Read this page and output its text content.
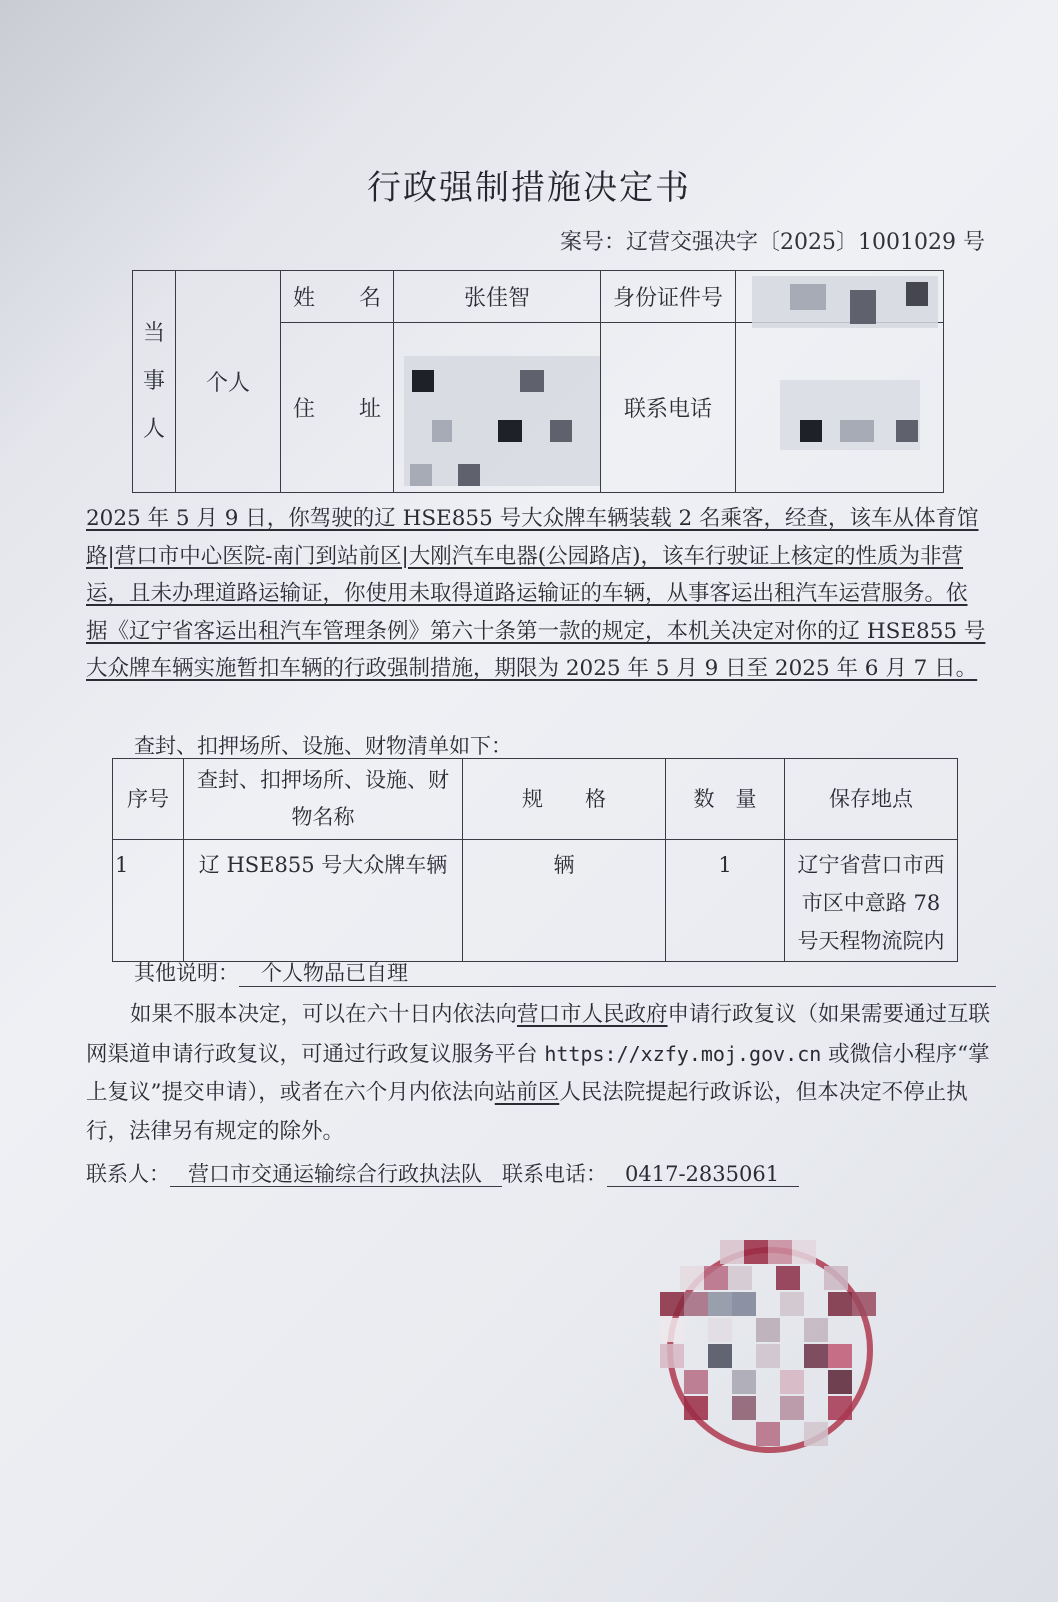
行政强制措施决定书
案号：辽营交强决字〔2025〕1001029 号
当事人	个人	姓　　名	张佳智	身份证件号	
		住　　址		联系电话	
2025 年 5 月 9 日，你驾驶的辽 HSE855 号大众牌车辆装载 2 名乘客，经查，该车从体育馆路|营口市中心医院-南门到站前区|大刚汽车电器(公园路店)，该车行驶证上核定的性质为非营运，且未办理道路运输证，你使用未取得道路运输证的车辆，从事客运出租汽车运营服务。依据《辽宁省客运出租汽车管理条例》第六十条第一款的规定，本机关决定对你的辽 HSE855 号大众牌车辆实施暂扣车辆的行政强制措施，期限为 2025 年 5 月 9 日至 2025 年 6 月 7 日。
查封、扣押场所、设施、财物清单如下：
序号	查封、扣押场所、设施、财物名称	规　　格	数　量	保存地点
1	辽 HSE855 号大众牌车辆	辆	1	辽宁省营口市西市区中意路 78 号天程物流院内
其他说明： 个人物品已自理
如果不服本决定，可以在六十日内依法向营口市人民政府申请行政复议（如果需要通过互联网渠道申请行政复议，可通过行政复议服务平台 https://xzfy.moj.gov.cn 或微信小程序“掌上复议”提交申请），或者在六个月内依法向站前区人民法院提起行政诉讼，但本决定不停止执行，法律另有规定的除外。
联系人： 营口市交通运输综合行政执法队 联系电话： 0417-2835061
